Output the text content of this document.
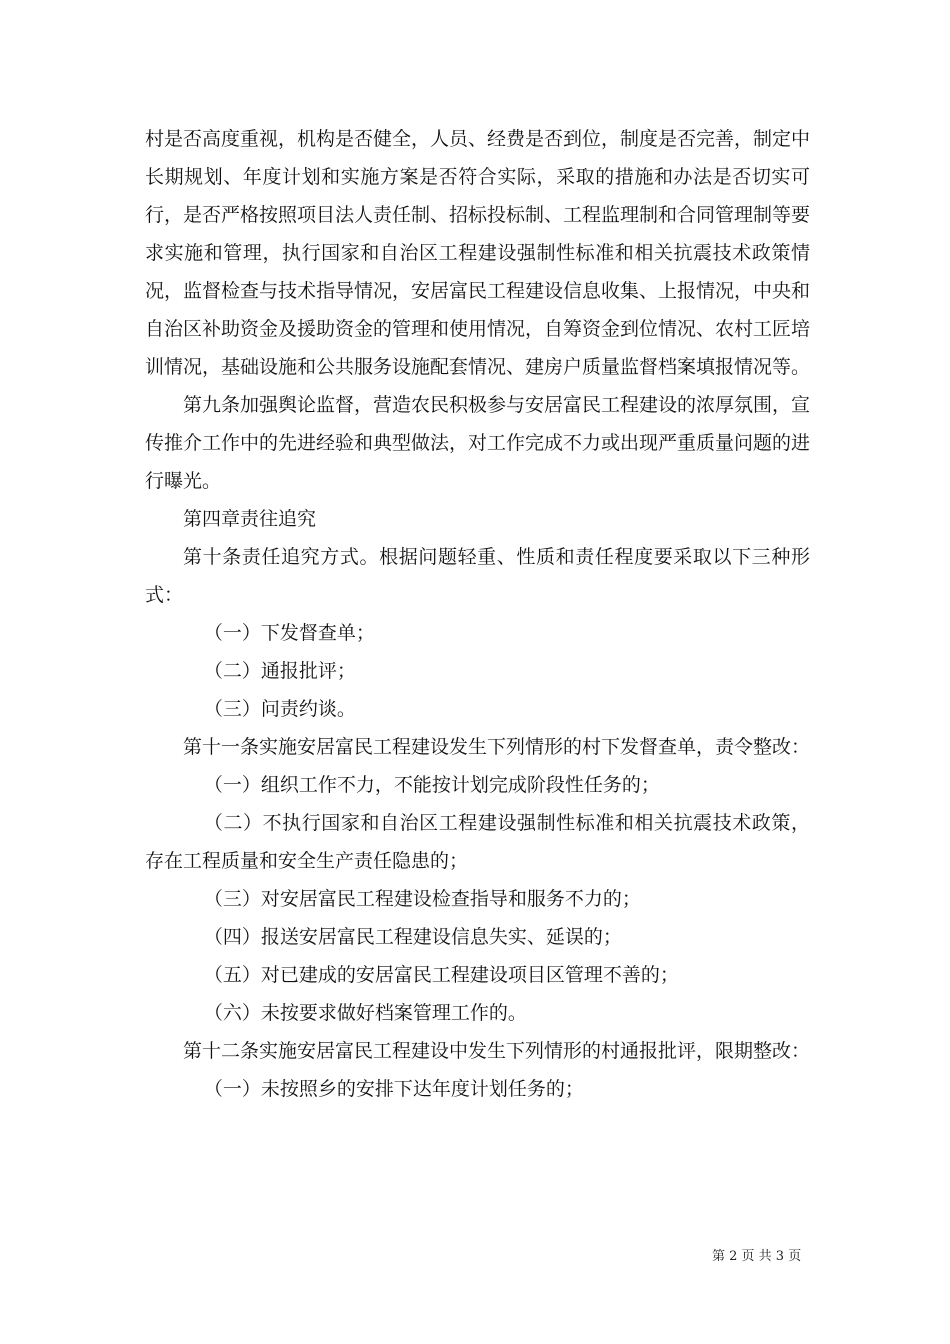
村是否高度重视，机构是否健全，人员、经费是否到位，制度是否完善，制定中长期规划、年度计划和实施方案是否符合实际，采取的措施和办法是否切实可行，是否严格按照项目法人责任制、招标投标制、工程监理制和合同管理制等要求实施和管理，执行国家和自治区工程建设强制性标准和相关抗震技术政策情况，监督检查与技术指导情况，安居富民工程建设信息收集、上报情况，中央和自治区补助资金及援助资金的管理和使用情况，自筹资金到位情况、农村工匠培训情况，基础设施和公共服务设施配套情况、建房户质量监督档案填报情况等。

第九条加强舆论监督，营造农民积极参与安居富民工程建设的浓厚氛围，宣传推介工作中的先进经验和典型做法，对工作完成不力或出现严重质量问题的进行曝光。

第四章责往追究

第十条责任追究方式。根据问题轻重、性质和责任程度要采取以下三种形式：

（一）下发督查单；

（二）通报批评；

（三）问责约谈。

第十一条实施安居富民工程建设发生下列情形的村下发督查单，责令整改：

（一）组织工作不力，不能按计划完成阶段性任务的；

（二）不执行国家和自治区工程建设强制性标准和相关抗震技术政策，存在工程质量和安全生产责任隐患的；

（三）对安居富民工程建设检查指导和服务不力的；

（四）报送安居富民工程建设信息失实、延误的；

（五）对已建成的安居富民工程建设项目区管理不善的；

（六）未按要求做好档案管理工作的。

第十二条实施安居富民工程建设中发生下列情形的村通报批评，限期整改：

（一）未按照乡的安排下达年度计划任务的；

第 2 页 共 3 页
